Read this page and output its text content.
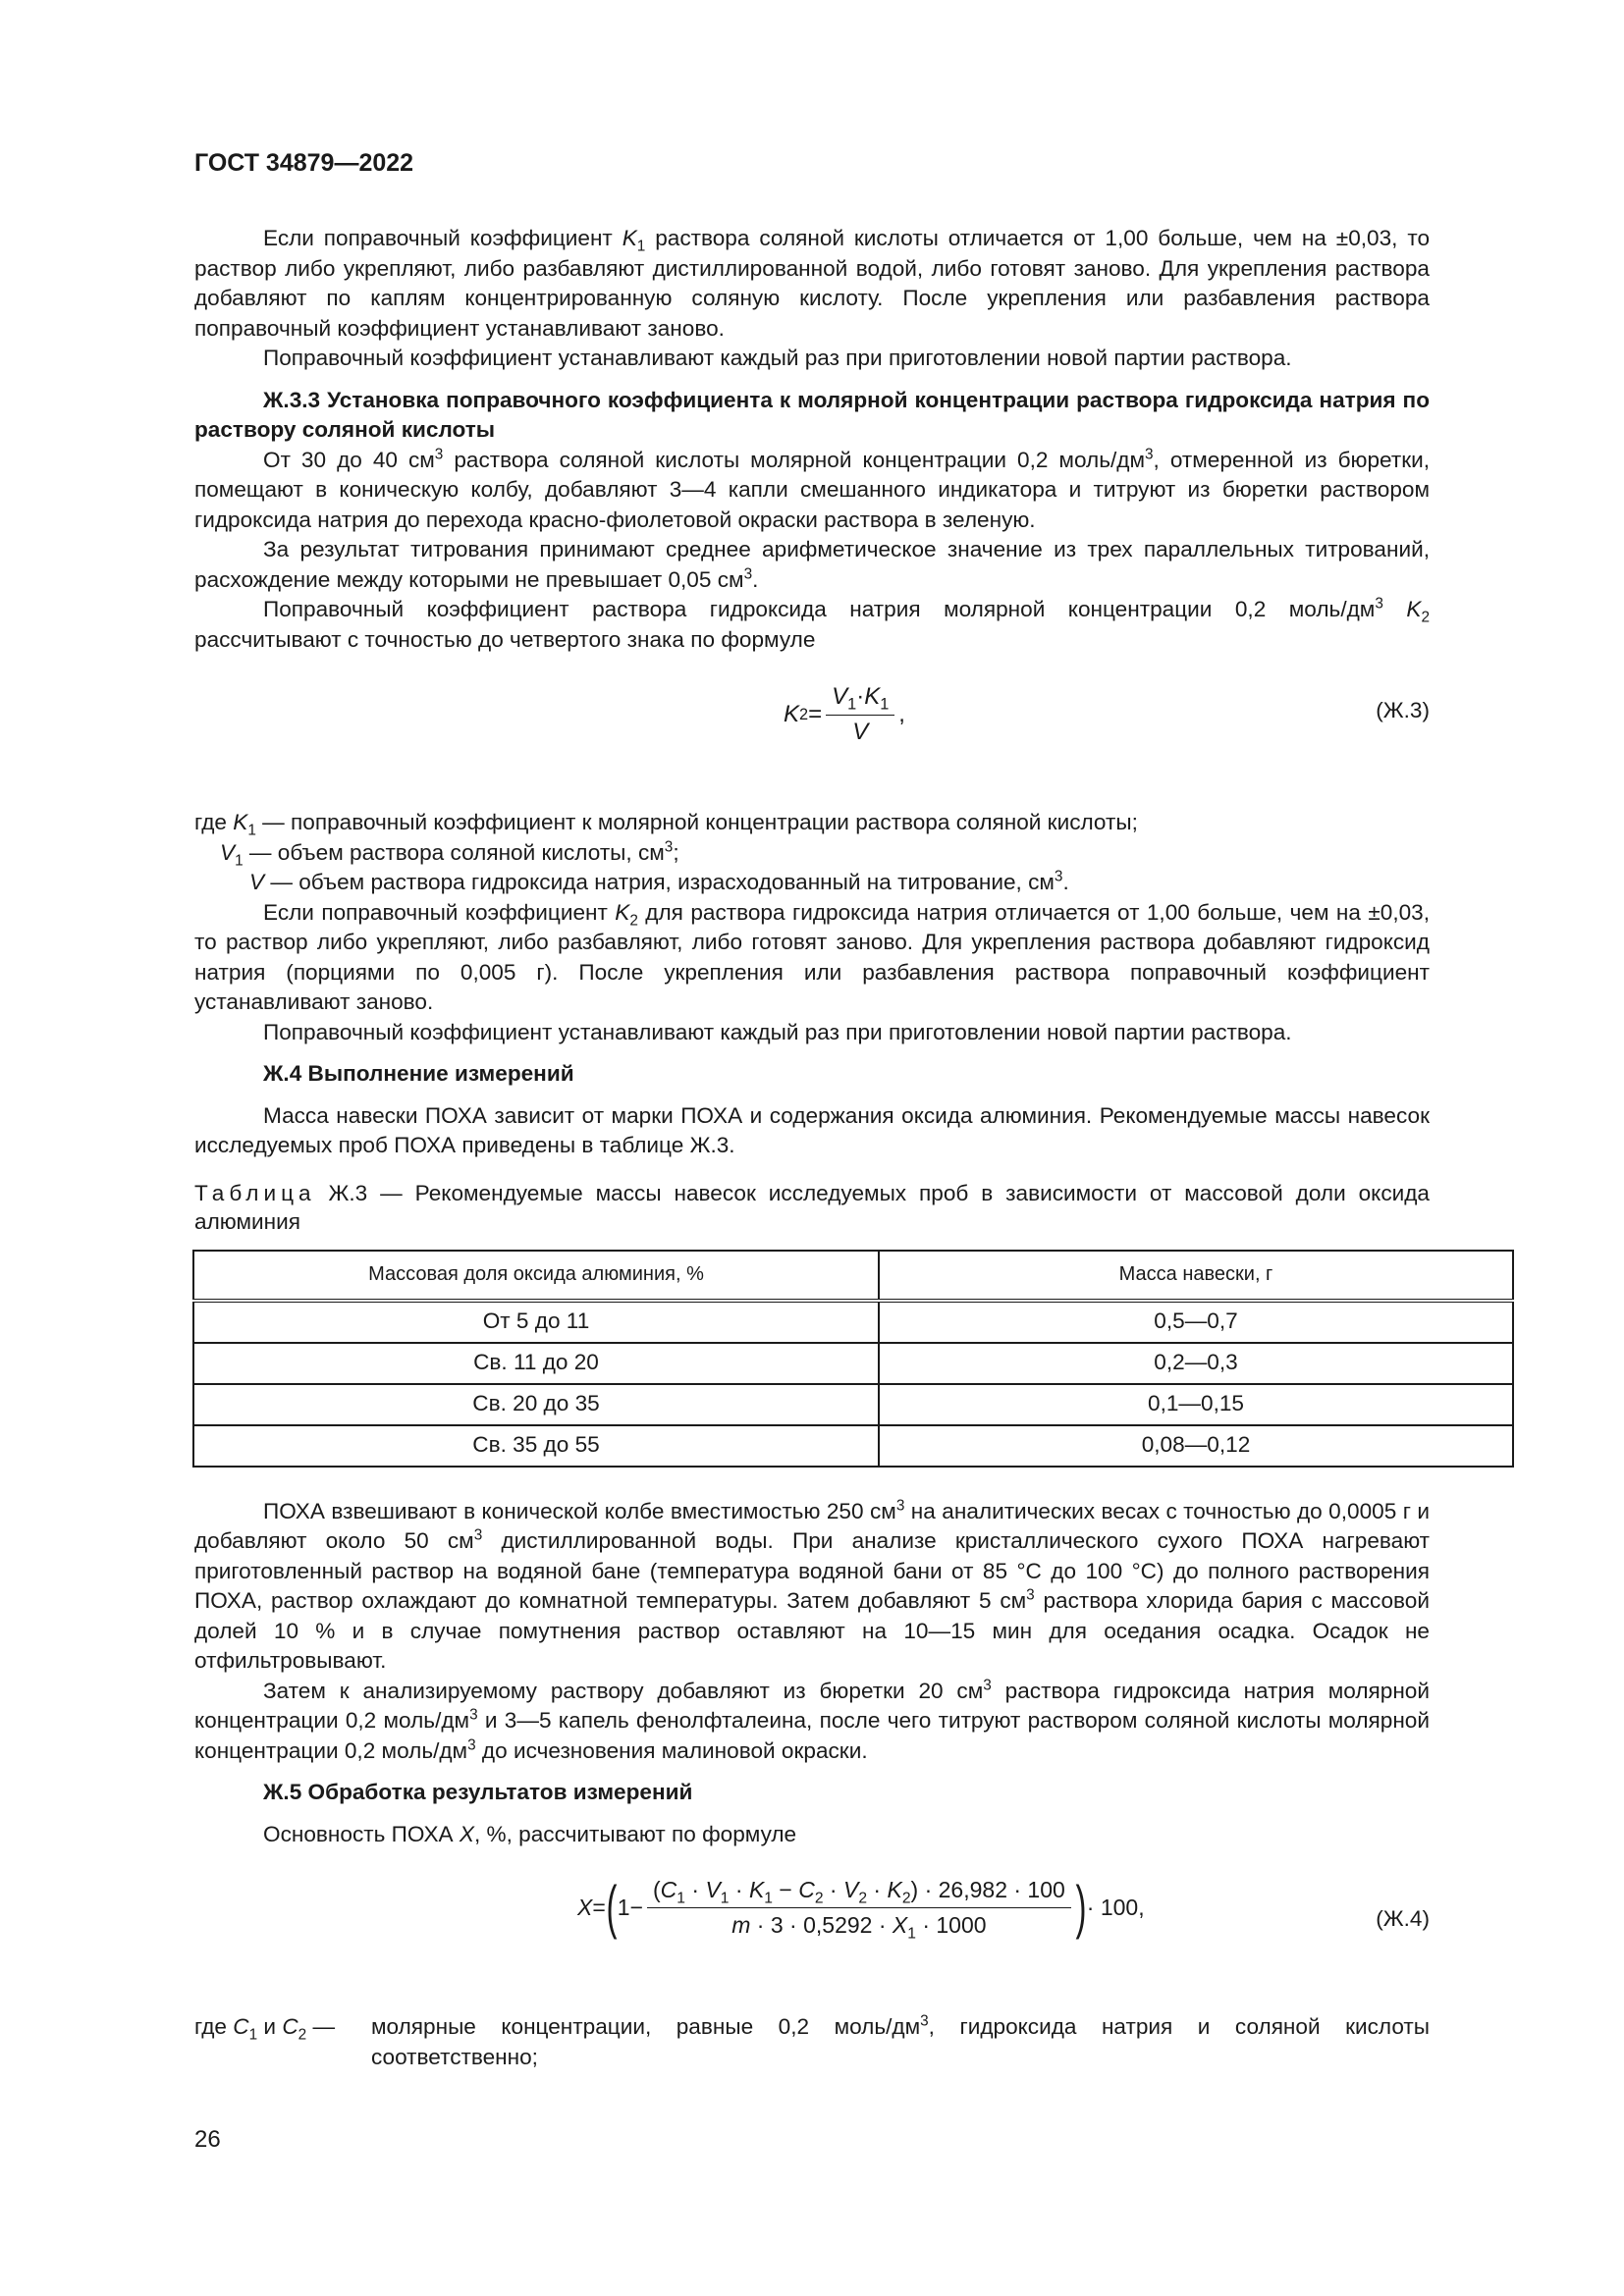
ГОСТ 34879—2022

Если поправочный коэффициент $K_1$ раствора соляной кислоты отличается от 1,00 больше, чем на ±0,03, то раствор либо укрепляют, либо разбавляют дистиллированной водой, либо готовят заново. Для укрепления раствора добавляют по каплям концентрированную соляную кислоту. После укрепления или разбавления раствора поправочный коэффициент устанавливают заново.

Поправочный коэффициент устанавливают каждый раз при приготовлении новой партии раствора.

Ж.3.3 Установка поправочного коэффициента к молярной концентрации раствора гидроксида натрия по раствору соляной кислоты

От 30 до 40 $см^3$ раствора соляной кислоты молярной концентрации 0,2 моль/$дм^3$, отмеренной из бюретки, помещают в коническую колбу, добавляют 3—4 капли смешанного индикатора и титруют из бюретки раствором гидроксида натрия до перехода красно-фиолетовой окраски раствора в зеленую.

За результат титрования принимают среднее арифметическое значение из трех параллельных титрований, расхождение между которыми не превышает 0,05 $см^3$.

Поправочный коэффициент раствора гидроксида натрия молярной концентрации 0,2 моль/$дм^3$ $K_2$ рассчитывают с точностью до четвертого знака по формуле

K $2 = \frac{V_1\cdot K_1}{V}$ ,	(Ж.3)
где $K_1$ — поправочный коэффициент к молярной концентрации раствора соляной кислоты;
$V_1$ — объем раствора соляной кислоты, $см^3$;
V — объем раствора гидроксида натрия, израсходованный на титрование, $см^3$.

Если поправочный коэффициент $K_2$ для раствора гидроксида натрия отличается от 1,00 больше, чем на ±0,03, то раствор либо укрепляют, либо разбавляют, либо готовят заново. Для укрепления раствора добавляют гидроксид натрия (порциями по 0,005 г). После укрепления или разбавления раствора поправочный коэффициент устанавливают заново.

Поправочный коэффициент устанавливают каждый раз при приготовлении новой партии раствора.

Ж.4 Выполнение измерений

Масса навески ПОХА зависит от марки ПОХА и содержания оксида алюминия. Рекомендуемые массы навесок исследуемых проб ПОХА приведены в таблице Ж.3.

Таблица Ж.3 — Рекомендуемые массы навесок исследуемых проб в зависимости от массовой доли оксида алюминия

Массовая доля оксида алюминия, %	Масса навески, г
От 5 до 11	0,5—0,7
Св. 11 до 20	0,2—0,3
Св. 20 до 35	0,1—0,15
Св. 35 до 55	0,08—0,12

ПОХА взвешивают в конической колбе вместимостью 250 $см^3$ на аналитических весах с точностью до 0,0005 г и добавляют около 50 $см^3$ дистиллированной воды. При анализе кристаллического сухого ПОХА нагревают приготовленный раствор на водяной бане (температура водяной бани от 85 °С до 100 °С) до полного растворения ПОХА, раствор охлаждают до комнатной температуры. Затем добавляют 5 $см^3$ раствора хлорида бария с массовой долей 10 % и в случае помутнения раствор оставляют на 10—15 мин для оседания осадка. Осадок не отфильтровывают.

Затем к анализируемому раствору добавляют из бюретки 20 $см^3$ раствора гидроксида натрия молярной концентрации 0,2 моль/$дм^3$ и 3—5 капель фенолфталеина, после чего титруют раствором соляной кислоты молярной концентрации 0,2 моль/$дм^3$ до исчезновения малиновой окраски.

Ж.5 Обработка результатов измерений

Основность ПОХА X, %, рассчитывают по формуле

X = ( $1 - \frac{(C_1 \cdot V_1 \cdot K_1 - C_2 \cdot V_2 \cdot K_2) \cdot 26,982 \cdot 100}{m \cdot 3 \cdot 0,5292 \cdot X_1 \cdot 1000}$ ) · 100,	(Ж.4)
где $C_1$ и $C_2$ —	молярные концентрации, равные 0,2 моль/$дм^3$, гидроксида натрия и соляной кислоты соответственно;
26
